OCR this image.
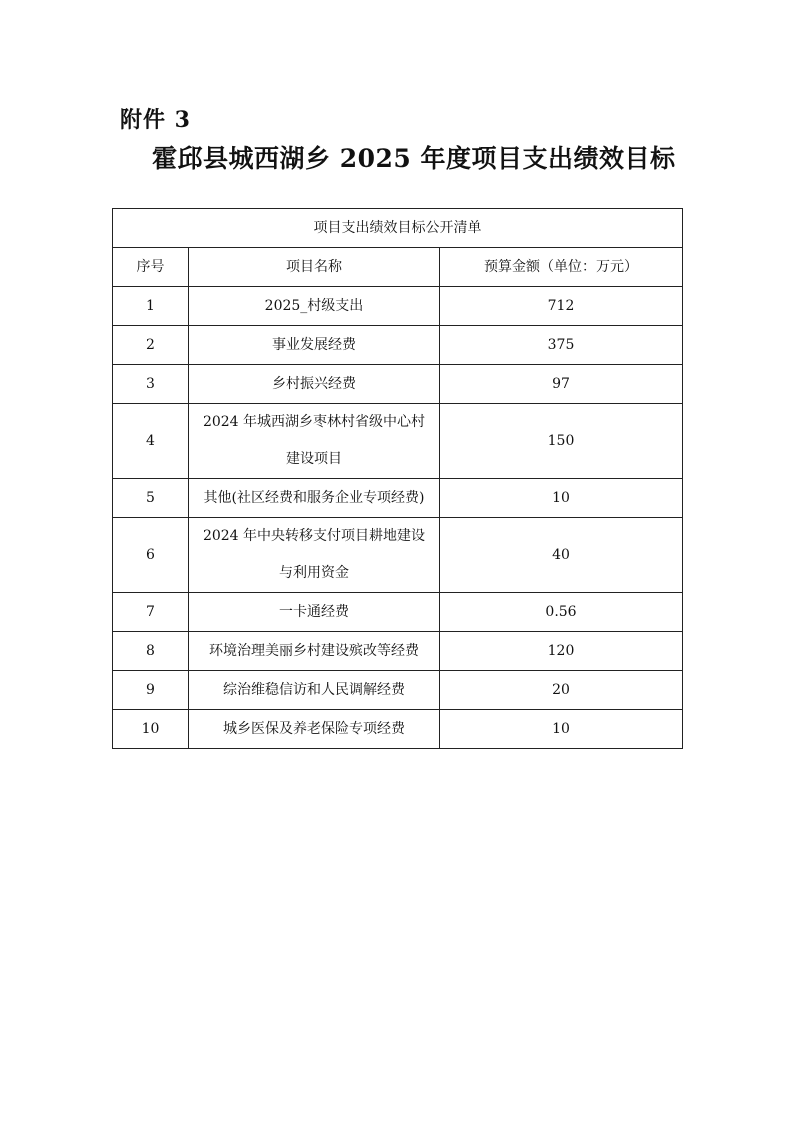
附件 3
霍邱县城西湖乡 2025 年度项目支出绩效目标
项目支出绩效目标公开清单		
序号	项目名称	预算金额（单位：万元）
1	2025_村级支出	712
2	事业发展经费	375
3	乡村振兴经费	97
4	2024 年城西湖乡枣林村省级中心村建设项目	150
5	其他(社区经费和服务企业专项经费)	10
6	2024 年中央转移支付项目耕地建设与利用资金	40
7	一卡通经费	0.56
8	环境治理美丽乡村建设殡改等经费	120
9	综治维稳信访和人民调解经费	20
10	城乡医保及养老保险专项经费	10
